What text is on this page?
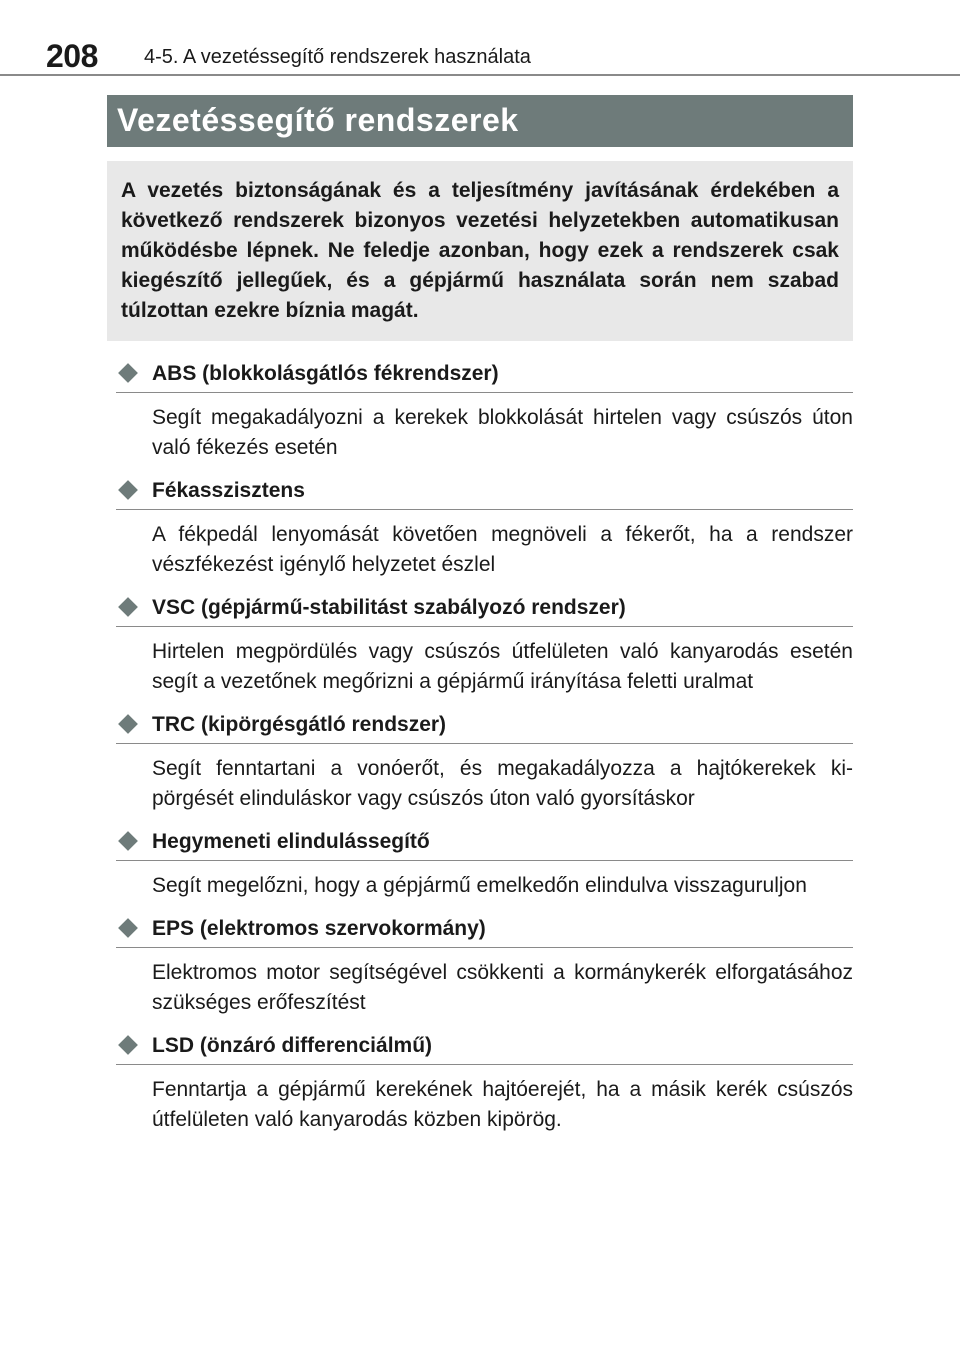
208 4-5. A vezetéssegítő rendszerek használata
Vezetéssegítő rendszerek
A vezetés biztonságának és a teljesítmény javításának érdekében a következő rendszerek bizonyos vezetési helyzetekben automatikusan működésbe lépnek. Ne feledje azonban, hogy ezek a rendszerek csak kiegészítő jellegűek, és a gépjármű használata során nem szabad túlzottan ezekre bíznia magát.
ABS (blokkolásgátlós fékrendszer)
Segít megakadályozni a kerekek blokkolását hirtelen vagy csúszós úton való fékezés esetén
Fékasszisztens
A fékpedál lenyomását követően megnöveli a fékerőt, ha a rendszer vészfékezést igénylő helyzetet észlel
VSC (gépjármű-stabilitást szabályozó rendszer)
Hirtelen megpördülés vagy csúszós útfelületen való kanyarodás esetén segít a vezetőnek megőrizni a gépjármű irányítása feletti uralmat
TRC (kipörgésgátló rendszer)
Segít fenntartani a vonóerőt, és megakadályozza a hajtókerekek kipörgését elinduláskor vagy csúszós úton való gyorsításkor
Hegymeneti elindulássegítő
Segít megelőzni, hogy a gépjármű emelkedőn elindulva visszaguruljon
EPS (elektromos szervokormány)
Elektromos motor segítségével csökkenti a kormánykerék elforgatásához szükséges erőfeszítést
LSD (önzáró differenciálmű)
Fenntartja a gépjármű kerekének hajtóerejét, ha a másik kerék csúszós útfelületen való kanyarodás közben kipörög.
